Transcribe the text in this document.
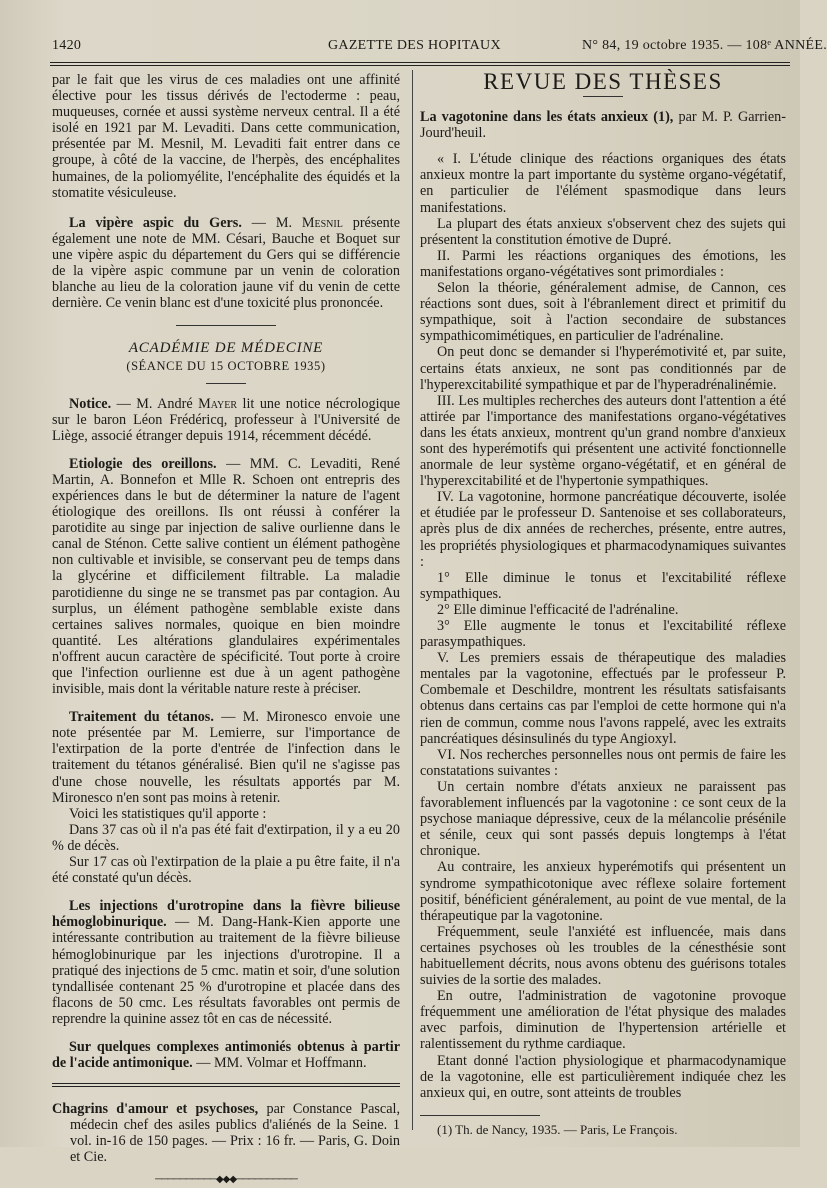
1420	GAZETTE DES HOPITAUX	N° 84, 19 octobre 1935. — 108ᵉ ANNÉE.

par le fait que les virus de ces maladies ont une affinité élective pour les tissus dérivés de l'ectoderme : peau, muqueuses, cornée et aussi système nerveux central. Il a été isolé en 1921 par M. Levaditi. Dans cette communication, présentée par M. Mesnil, M. Levaditi fait entrer dans ce groupe, à côté de la vaccine, de l'herpès, des encéphalites humaines, de la poliomyélite, l'encéphalite des équidés et la stomatite vésiculeuse.

La vipère aspic du Gers. — M. Mesnil présente également une note de MM. Césari, Bauche et Boquet sur une vipère aspic du département du Gers qui se différencie de la vipère aspic commune par un venin de coloration blanche au lieu de la coloration jaune vif du venin de cette dernière. Ce venin blanc est d'une toxicité plus prononcée.

ACADÉMIE DE MÉDECINE
(SÉANCE DU 15 OCTOBRE 1935)

Notice. — M. André Mayer lit une notice nécrologique sur le baron Léon Frédéricq, professeur à l'Université de Liège, associé étranger depuis 1914, récemment décédé.

Etiologie des oreillons. — MM. C. Levaditi, René Martin, A. Bonnefon et Mlle R. Schoen ont entrepris des expériences dans le but de déterminer la nature de l'agent étiologique des oreillons. Ils ont réussi à conférer la parotidite au singe par injection de salive ourlienne dans le canal de Sténon. Cette salive contient un élément pathogène non cultivable et invisible, se conservant peu de temps dans la glycérine et difficilement filtrable. La maladie parotidienne du singe ne se transmet pas par contagion. Au surplus, un élément pathogène semblable existe dans certaines salives normales, quoique en bien moindre quantité. Les altérations glandulaires expérimentales n'offrent aucun caractère de spécificité. Tout porte à croire que l'infection ourlienne est due à un agent pathogène invisible, mais dont la véritable nature reste à préciser.

Traitement du tétanos. — M. Mironesco envoie une note présentée par M. Lemierre, sur l'importance de l'extirpation de la porte d'entrée de l'infection dans le traitement du tétanos généralisé. Bien qu'il ne s'agisse pas d'une chose nouvelle, les résultats apportés par M. Mironesco n'en sont pas moins à retenir.

Voici les statistiques qu'il apporte :

Dans 37 cas où il n'a pas été fait d'extirpation, il y a eu 20 % de décès.

Sur 17 cas où l'extirpation de la plaie a pu être faite, il n'a été constaté qu'un décès.

Les injections d'urotropine dans la fièvre bilieuse hémoglobinurique. — M. Dang-Hank-Kien apporte une intéressante contribution au traitement de la fièvre bilieuse hémoglobinurique par les injections d'urotropine. Il a pratiqué des injections de 5 cmc. matin et soir, d'une solution tyndallisée contenant 25 % d'urotropine et placée dans des flacons de 50 cmc. Les résultats favorables ont permis de reprendre la quinine assez tôt en cas de nécessité.

Sur quelques complexes antimoniés obtenus à partir de l'acide antimonique. — MM. Volmar et Hoffmann.

Chagrins d'amour et psychoses, par Constance Pascal, médecin chef des asiles publics d'aliénés de la Seine. 1 vol. in-16 de 150 pages. — Prix : 16 fr. — Paris, G. Doin et Cie.

──────────◆◆◆──────────
REVUE DES THÈSES

La vagotonine dans les états anxieux (1), par M. P. Garrien-Jourd'heuil.

« I. L'étude clinique des réactions organiques des états anxieux montre la part importante du système organo-végétatif, en particulier de l'élément spasmodique dans leurs manifestations.

La plupart des états anxieux s'observent chez des sujets qui présentent la constitution émotive de Dupré.

II. Parmi les réactions organiques des émotions, les manifestations organo-végétatives sont primordiales :

Selon la théorie, généralement admise, de Cannon, ces réactions sont dues, soit à l'ébranlement direct et primitif du sympathique, soit à l'action secondaire de substances sympathicomimétiques, en particulier de l'adrénaline.

On peut donc se demander si l'hyperémotivité et, par suite, certains états anxieux, ne sont pas conditionnés par de l'hyperexcitabilité sympathique et par de l'hyperadrénalinémie.

III. Les multiples recherches des auteurs dont l'attention a été attirée par l'importance des manifestations organo-végétatives dans les états anxieux, montrent qu'un grand nombre d'anxieux sont des hyperémotifs qui présentent une activité fonctionnelle anormale de leur système organo-végétatif, et en général de l'hyperexcitabilité et de l'hypertonie sympathiques.

IV. La vagotonine, hormone pancréatique découverte, isolée et étudiée par le professeur D. Santenoise et ses collaborateurs, après plus de dix années de recherches, présente, entre autres, les propriétés physiologiques et pharmacodynamiques suivantes :

1° Elle diminue le tonus et l'excitabilité réflexe sympathiques.

2° Elle diminue l'efficacité de l'adrénaline.

3° Elle augmente le tonus et l'excitabilité réflexe parasympathiques.

V. Les premiers essais de thérapeutique des maladies mentales par la vagotonine, effectués par le professeur P. Combemale et Deschildre, montrent les résultats satisfaisants obtenus dans certains cas par l'emploi de cette hormone qui n'a rien de commun, comme nous l'avons rappelé, avec les extraits pancréatiques désinsulinés du type Angioxyl.

VI. Nos recherches personnelles nous ont permis de faire les constatations suivantes :

Un certain nombre d'états anxieux ne paraissent pas favorablement influencés par la vagotonine : ce sont ceux de la psychose maniaque dépressive, ceux de la mélancolie présénile et sénile, ceux qui sont passés depuis longtemps à l'état chronique.

Au contraire, les anxieux hyperémotifs qui présentent un syndrome sympathicotonique avec réflexe solaire fortement positif, bénéficient généralement, au point de vue mental, de la thérapeutique par la vagotonine.

Fréquemment, seule l'anxiété est influencée, mais dans certaines psychoses où les troubles de la cénesthésie sont habituellement décrits, nous avons obtenu des guérisons totales suivies de la sortie des malades.

En outre, l'administration de vagotonine provoque fréquemment une amélioration de l'état physique des malades avec parfois, diminution de l'hypertension artérielle et ralentissement du rythme cardiaque.

Etant donné l'action physiologique et pharmacodynamique de la vagotonine, elle est particulièrement indiquée chez les anxieux qui, en outre, sont atteints de troubles

(1) Th. de Nancy, 1935. — Paris, Le François.
